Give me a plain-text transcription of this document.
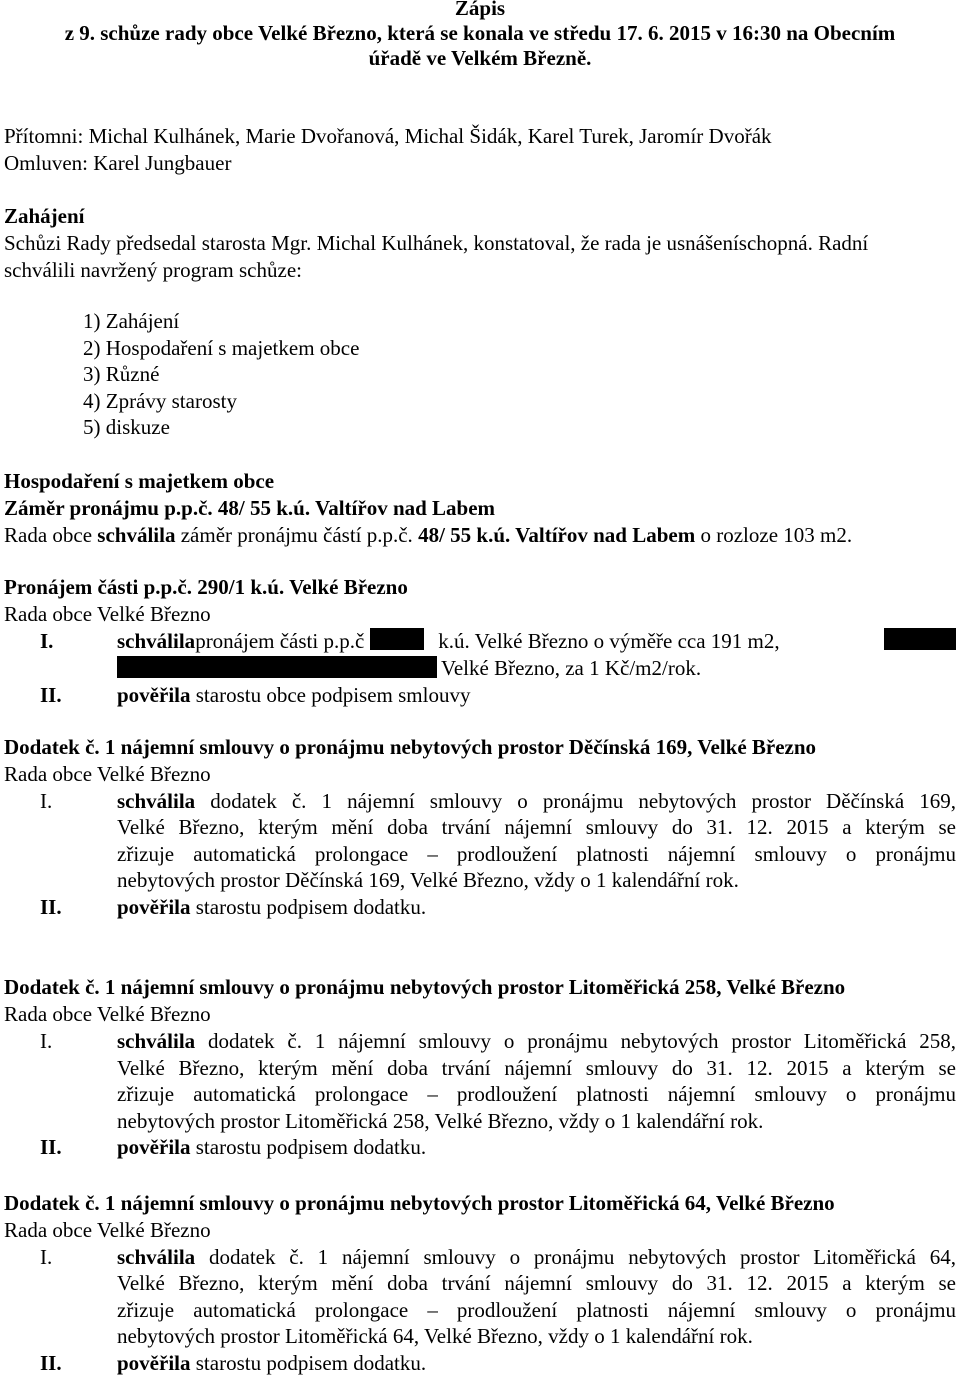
Zápis
z 9. schůze rady obce Velké Březno, která se konala ve středu 17. 6. 2015 v 16:30 na Obecním
úřadě ve Velkém Březně.
Přítomni: Michal Kulhánek, Marie Dvořanová, Michal Šidák, Karel Turek, Jaromír Dvořák
Omluven: Karel Jungbauer
Zahájení
Schůzi Rady předsedal starosta Mgr. Michal Kulhánek, konstatoval, že rada je usnášeníschopná. Radní
schválili navržený program schůze:
1) Zahájení
2) Hospodaření s majetkem obce
3) Různé
4) Zprávy starosty
5) diskuze
Hospodaření s majetkem obce
Záměr pronájmu p.p.č. 48/ 55 k.ú. Valtířov nad Labem
Rada obce schválila záměr pronájmu částí p.p.č. 48/ 55 k.ú. Valtířov nad Labem o rozloze 103 m2.
Pronájem části p.p.č. 290/1 k.ú. Velké Březno
Rada obce Velké Březno
I.	schválila pronájem části p.p.č	k.ú. Velké Březno o výměře cca 191 m2,
Velké Březno, za 1 Kč/m2/rok.
II.	pověřila starostu obce podpisem smlouvy
Dodatek č. 1 nájemní smlouvy o pronájmu nebytových prostor Děčínská 169, Velké Březno
Rada obce Velké Březno
I.	schválila dodatek č. 1 nájemní smlouvy o pronájmu nebytových prostor Děčínská 169,
Velké Březno, kterým mění doba trvání nájemní smlouvy do 31. 12. 2015 a kterým se
zřizuje automatická prolongace – prodloužení platnosti nájemní smlouvy o pronájmu
nebytových prostor Děčínská 169, Velké Březno, vždy o 1 kalendářní rok.
II.	pověřila starostu podpisem dodatku.
Dodatek č. 1 nájemní smlouvy o pronájmu nebytových prostor Litoměřická 258, Velké Březno
Rada obce Velké Březno
I.	schválila dodatek č. 1 nájemní smlouvy o pronájmu nebytových prostor Litoměřická 258,
Velké Březno, kterým mění doba trvání nájemní smlouvy do 31. 12. 2015 a kterým se
zřizuje automatická prolongace – prodloužení platnosti nájemní smlouvy o pronájmu
nebytových prostor Litoměřická 258, Velké Březno, vždy o 1 kalendářní rok.
II.	pověřila starostu podpisem dodatku.
Dodatek č. 1 nájemní smlouvy o pronájmu nebytových prostor Litoměřická 64, Velké Březno
Rada obce Velké Březno
I.	schválila dodatek č. 1 nájemní smlouvy o pronájmu nebytových prostor Litoměřická 64,
Velké Březno, kterým mění doba trvání nájemní smlouvy do 31. 12. 2015 a kterým se
zřizuje automatická prolongace – prodloužení platnosti nájemní smlouvy o pronájmu
nebytových prostor Litoměřická 64, Velké Březno, vždy o 1 kalendářní rok.
II.	pověřila starostu podpisem dodatku.
